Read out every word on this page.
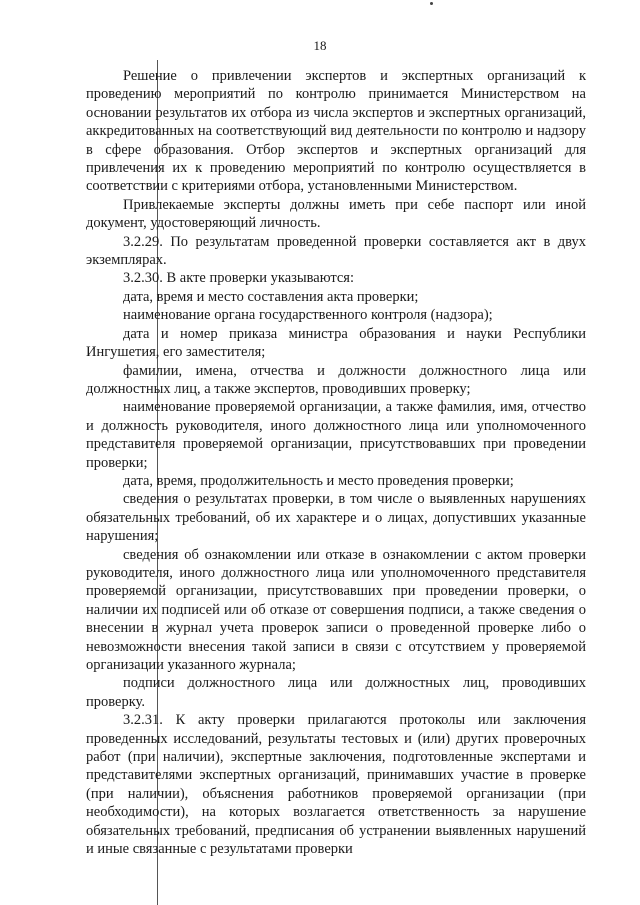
18

Решение о привлечении экспертов и экспертных организаций к проведению мероприятий по контролю принимается Министерством на основании результатов их отбора из числа экспертов и экспертных организаций, аккредитованных на соответствующий вид деятельности по контролю и надзору в сфере образования. Отбор экспертов и экспертных организаций для привлечения их к проведению мероприятий по контролю осуществляется в соответствии с критериями отбора, установленными Министерством.

Привлекаемые эксперты должны иметь при себе паспорт или иной документ, удостоверяющий личность.

3.2.29. По результатам проведенной проверки составляется акт в двух экземплярах.

3.2.30. В акте проверки указываются:

дата, время и место составления акта проверки;

наименование органа государственного контроля (надзора);

дата и номер приказа министра образования и науки Республики Ингушетия, его заместителя;

фамилии, имена, отчества и должности должностного лица или должностных лиц, а также экспертов, проводивших проверку;

наименование проверяемой организации, а также фамилия, имя, отчество и должность руководителя, иного должностного лица или уполномоченного представителя проверяемой организации, присутствовавших при проведении проверки;

дата, время, продолжительность и место проведения проверки;

сведения о результатах проверки, в том числе о выявленных нарушениях обязательных требований, об их характере и о лицах, допустивших указанные нарушения;

сведения об ознакомлении или отказе в ознакомлении с актом проверки руководителя, иного должностного лица или уполномоченного представителя проверяемой организации, присутствовавших при проведении проверки, о наличии их подписей или об отказе от совершения подписи, а также сведения о внесении в журнал учета проверок записи о проведенной проверке либо о невозможности внесения такой записи в связи с отсутствием у проверяемой организации указанного журнала;

подписи должностного лица или должностных лиц, проводивших проверку.

3.2.31. К акту проверки прилагаются протоколы или заключения проведенных исследований, результаты тестовых и (или) других проверочных работ (при наличии), экспертные заключения, подготовленные экспертами и представителями экспертных организаций, принимавших участие в проверке (при наличии), объяснения работников проверяемой организации (при необходимости), на которых возлагается ответственность за нарушение обязательных требований, предписания об устранении выявленных нарушений и иные связанные с результатами проверки
